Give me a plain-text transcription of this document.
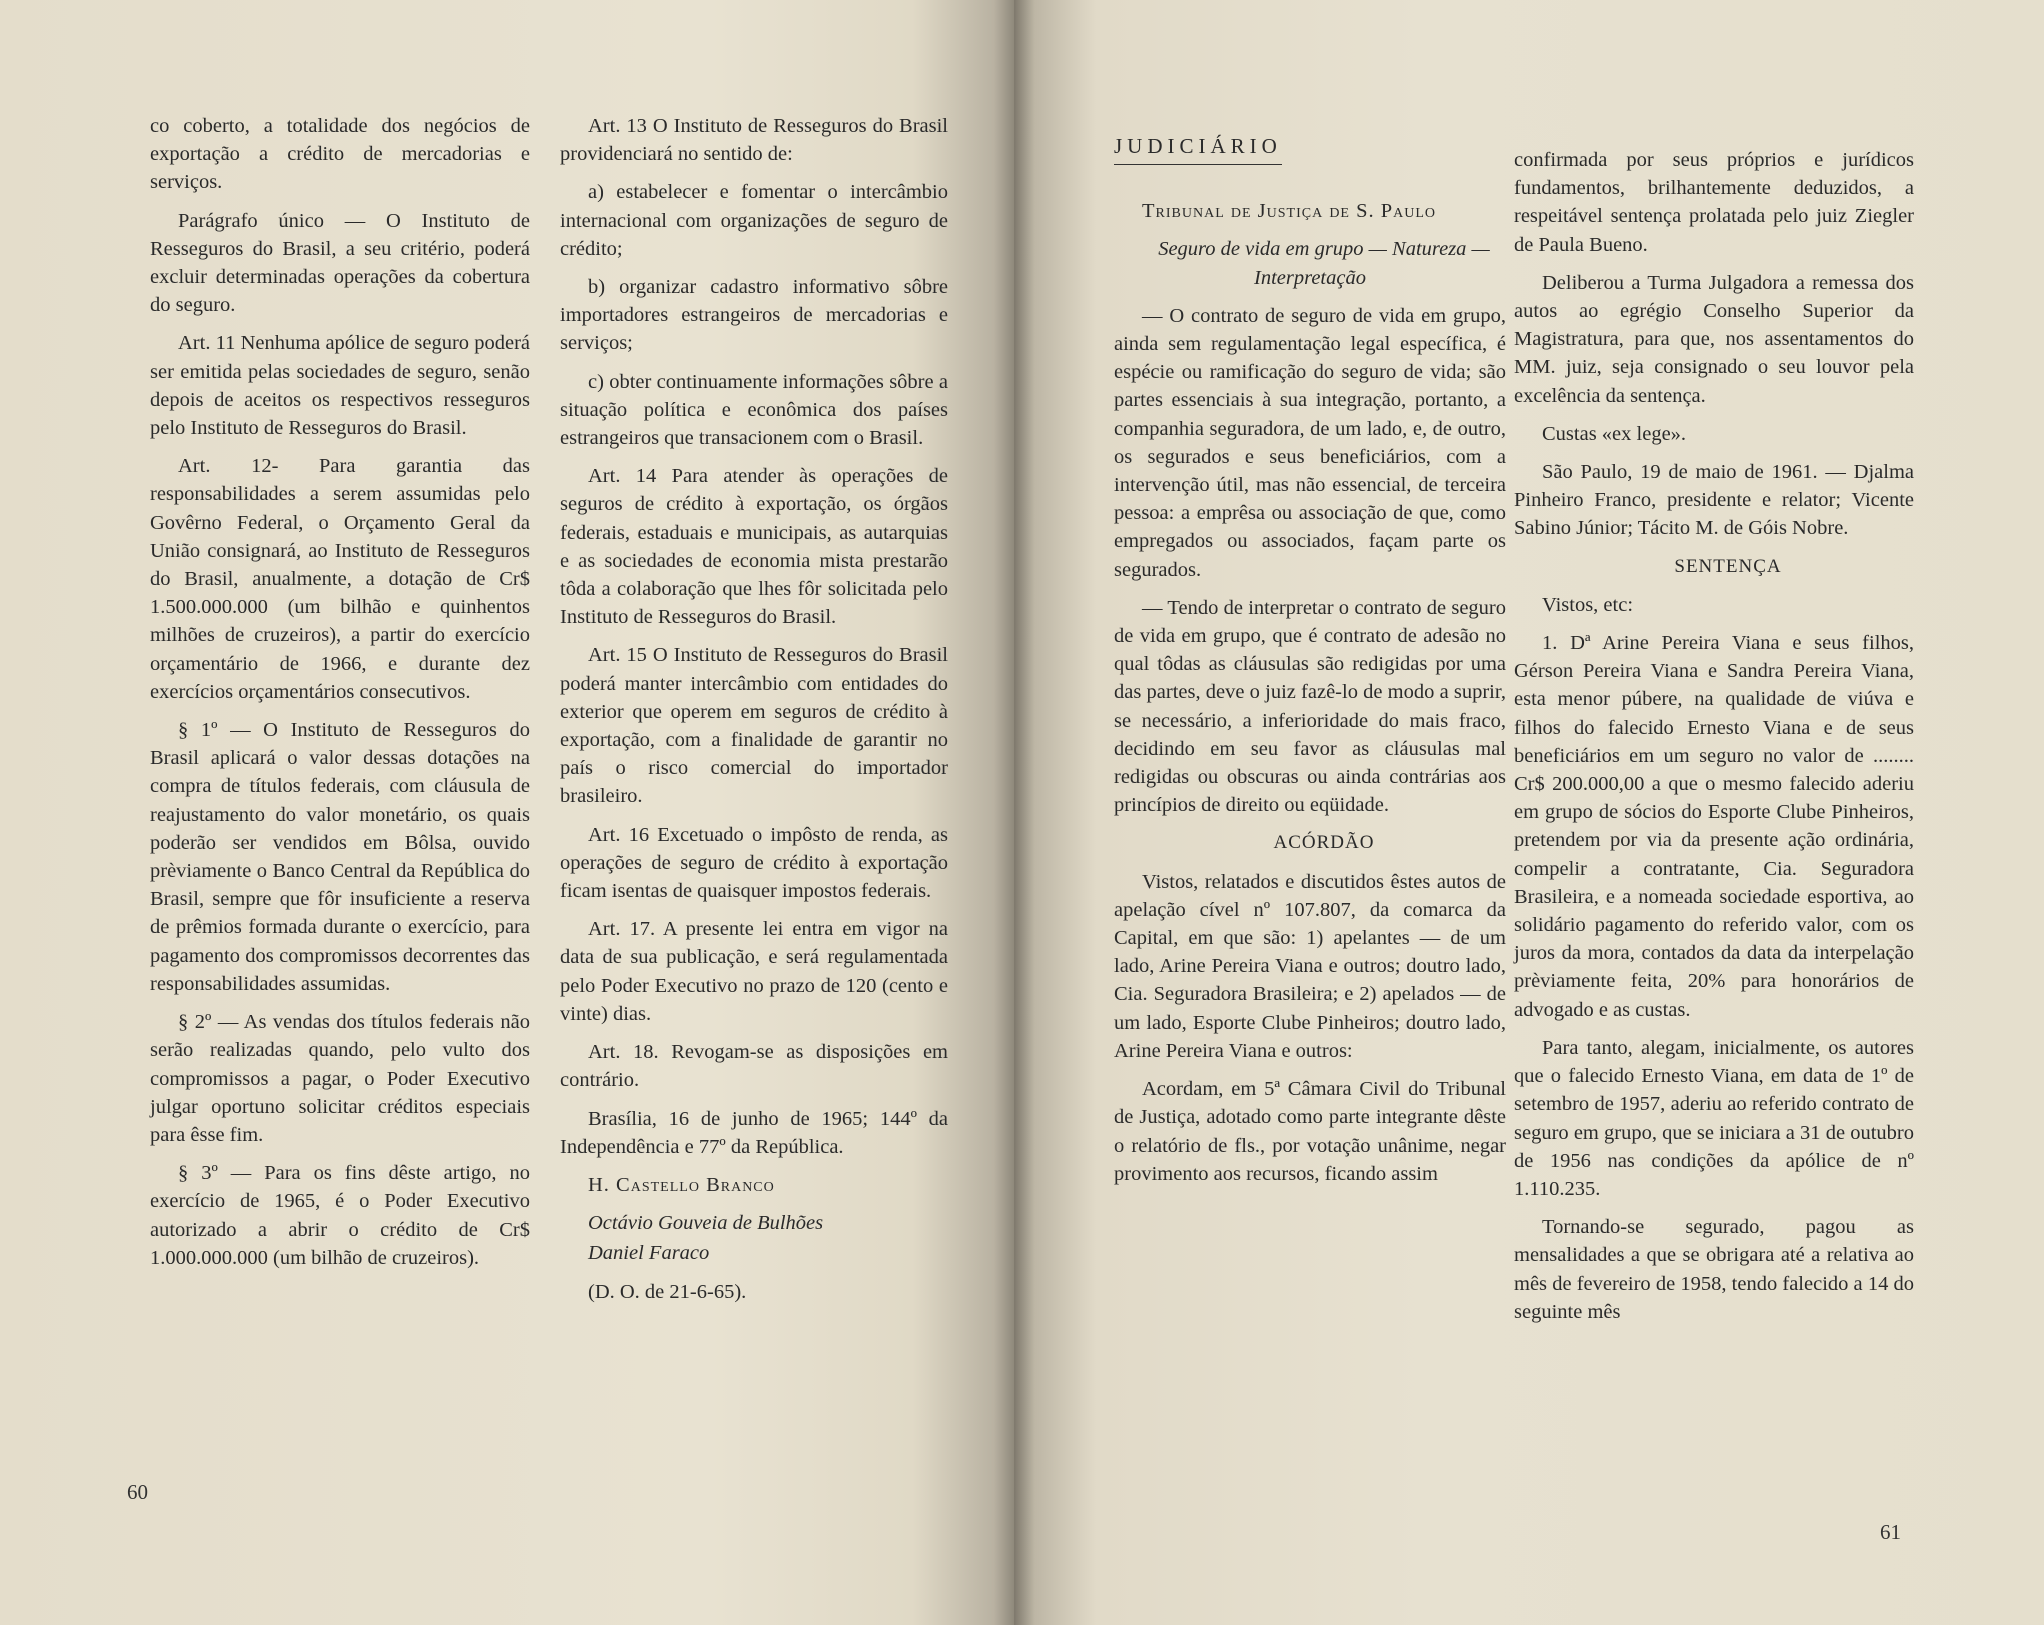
co coberto, a totalidade dos negócios de exportação a crédito de mercadorias e serviços.

Parágrafo único — O Instituto de Resseguros do Brasil, a seu critério, poderá excluir determinadas operações da cobertura do seguro.

Art. 11 Nenhuma apólice de seguro poderá ser emitida pelas sociedades de seguro, senão depois de aceitos os respectivos resseguros pelo Instituto de Resseguros do Brasil.

Art. 12- Para garantia das responsabilidades a serem assumidas pelo Govêrno Federal, o Orçamento Geral da União consignará, ao Instituto de Resseguros do Brasil, anualmente, a dotação de Cr$ 1.500.000.000 (um bilhão e quinhentos milhões de cruzeiros), a partir do exercício orçamentário de 1966, e durante dez exercícios orçamentários consecutivos.

§ 1º — O Instituto de Resseguros do Brasil aplicará o valor dessas dotações na compra de títulos federais, com cláusula de reajustamento do valor monetário, os quais poderão ser vendidos em Bôlsa, ouvido prèviamente o Banco Central da República do Brasil, sempre que fôr insuficiente a reserva de prêmios formada durante o exercício, para pagamento dos compromissos decorrentes das responsabilidades assumidas.

§ 2º — As vendas dos títulos federais não serão realizadas quando, pelo vulto dos compromissos a pagar, o Poder Executivo julgar oportuno solicitar créditos especiais para êsse fim.

§ 3º — Para os fins dêste artigo, no exercício de 1965, é o Poder Executivo autorizado a abrir o crédito de Cr$ 1.000.000.000 (um bilhão de cruzeiros).

Art. 13 O Instituto de Resseguros do Brasil providenciará no sentido de:

a) estabelecer e fomentar o intercâmbio internacional com organizações de seguro de crédito;

b) organizar cadastro informativo sôbre importadores estrangeiros de mercadorias e serviços;

c) obter continuamente informações sôbre a situação política e econômica dos países estrangeiros que transacionem com o Brasil.

Art. 14 Para atender às operações de seguros de crédito à exportação, os órgãos federais, estaduais e municipais, as autarquias e as sociedades de economia mista prestarão tôda a colaboração que lhes fôr solicitada pelo Instituto de Resseguros do Brasil.

Art. 15 O Instituto de Resseguros do Brasil poderá manter intercâmbio com entidades do exterior que operem em seguros de crédito à exportação, com a finalidade de garantir no país o risco comercial do importador brasileiro.

Art. 16 Excetuado o impôsto de renda, as operações de seguro de crédito à exportação ficam isentas de quaisquer impostos federais.

Art. 17. A presente lei entra em vigor na data de sua publicação, e será regulamentada pelo Poder Executivo no prazo de 120 (cento e vinte) dias.

Art. 18. Revogam-se as disposições em contrário.

Brasília, 16 de junho de 1965; 144º da Independência e 77º da República.

H. Castello Branco

Octávio Gouveia de Bulhões

Daniel Faraco

(D. O. de 21-6-65).

60

JUDICIÁRIO

Tribunal de Justiça de S. Paulo

Seguro de vida em grupo — Natureza — Interpretação

— O contrato de seguro de vida em grupo, ainda sem regulamentação legal específica, é espécie ou ramificação do seguro de vida; são partes essenciais à sua integração, portanto, a companhia seguradora, de um lado, e, de outro, os segurados e seus beneficiários, com a intervenção útil, mas não essencial, de terceira pessoa: a emprêsa ou associação de que, como empregados ou associados, façam parte os segurados.

— Tendo de interpretar o contrato de seguro de vida em grupo, que é contrato de adesão no qual tôdas as cláusulas são redigidas por uma das partes, deve o juiz fazê-lo de modo a suprir, se necessário, a inferioridade do mais fraco, decidindo em seu favor as cláusulas mal redigidas ou obscuras ou ainda contrárias aos princípios de direito ou eqüidade.

ACÓRDÃO

Vistos, relatados e discutidos êstes autos de apelação cível nº 107.807, da comarca da Capital, em que são: 1) apelantes — de um lado, Arine Pereira Viana e outros; doutro lado, Cia. Seguradora Brasileira; e 2) apelados — de um lado, Esporte Clube Pinheiros; doutro lado, Arine Pereira Viana e outros:

Acordam, em 5ª Câmara Civil do Tribunal de Justiça, adotado como parte integrante dêste o relatório de fls., por votação unânime, negar provimento aos recursos, ficando assim

confirmada por seus próprios e jurídicos fundamentos, brilhantemente deduzidos, a respeitável sentença prolatada pelo juiz Ziegler de Paula Bueno.

Deliberou a Turma Julgadora a remessa dos autos ao egrégio Conselho Superior da Magistratura, para que, nos assentamentos do MM. juiz, seja consignado o seu louvor pela excelência da sentença.

Custas «ex lege».

São Paulo, 19 de maio de 1961. — Djalma Pinheiro Franco, presidente e relator; Vicente Sabino Júnior; Tácito M. de Góis Nobre.

SENTENÇA

Vistos, etc:

1. Dª Arine Pereira Viana e seus filhos, Gérson Pereira Viana e Sandra Pereira Viana, esta menor púbere, na qualidade de viúva e filhos do falecido Ernesto Viana e de seus beneficiários em um seguro no valor de ........ Cr$ 200.000,00 a que o mesmo falecido aderiu em grupo de sócios do Esporte Clube Pinheiros, pretendem por via da presente ação ordinária, compelir a contratante, Cia. Seguradora Brasileira, e a nomeada sociedade esportiva, ao solidário pagamento do referido valor, com os juros da mora, contados da data da interpelação prèviamente feita, 20% para honorários de advogado e as custas.

Para tanto, alegam, inicialmente, os autores que o falecido Ernesto Viana, em data de 1º de setembro de 1957, aderiu ao referido contrato de seguro em grupo, que se iniciara a 31 de outubro de 1956 nas condições da apólice de nº 1.110.235.

Tornando-se segurado, pagou as mensalidades a que se obrigara até a relativa ao mês de fevereiro de 1958, tendo falecido a 14 do seguinte mês

61
